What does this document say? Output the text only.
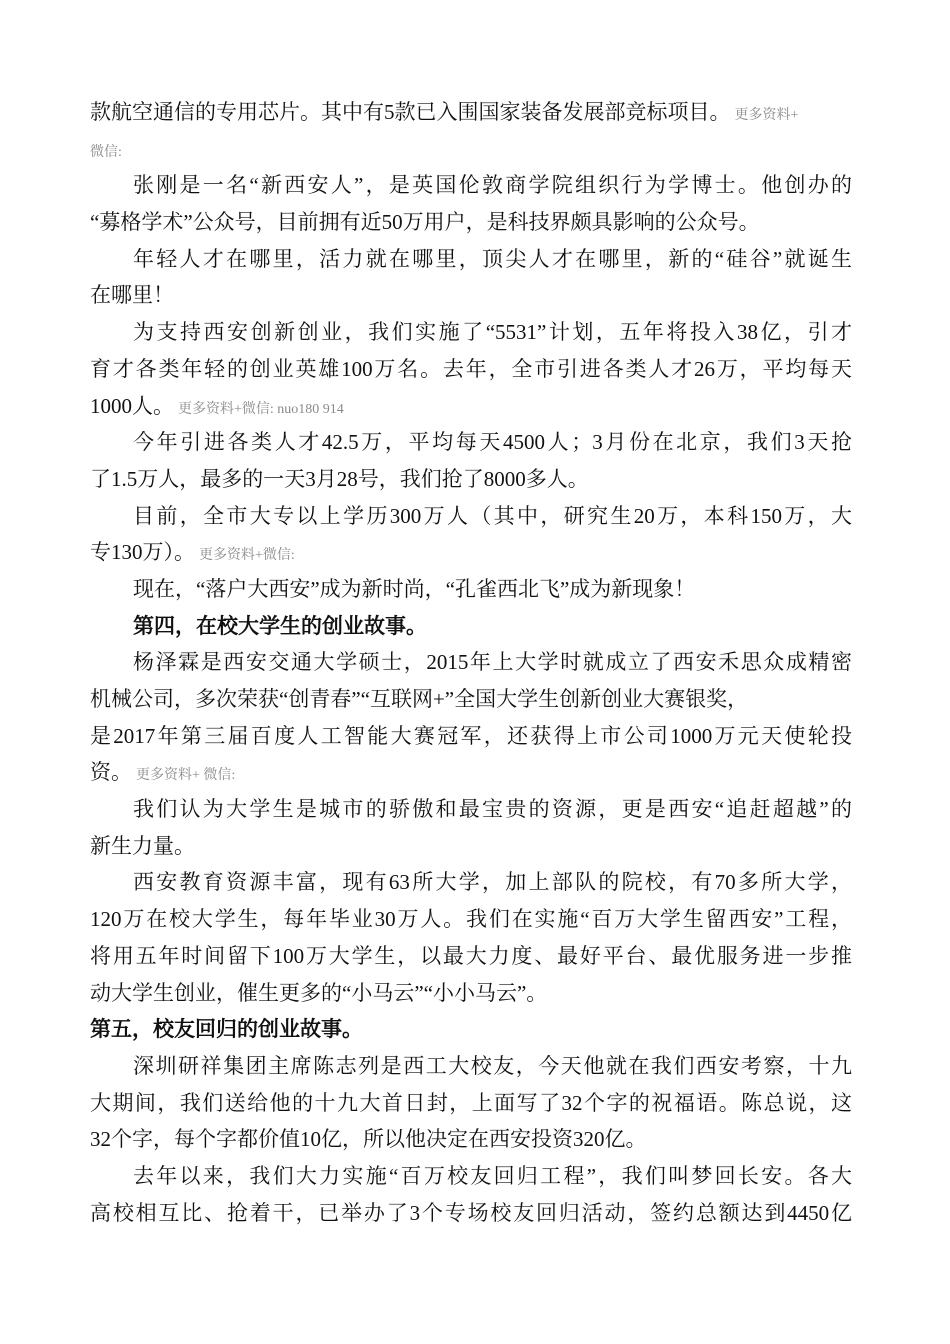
款航空通信的专用芯片。其中有5款已入围国家装备发展部竞标项目。 更多资料+
微信:
张刚是一名“新西安人”，是英国伦敦商学院组织行为学博士。他创办的
“募格学术”公众号，目前拥有近50万用户，是科技界颇具影响的公众号。
年轻人才在哪里，活力就在哪里，顶尖人才在哪里，新的“硅谷”就诞生
在哪里！
为支持西安创新创业，我们实施了“5531”计划，五年将投入38亿，引才
育才各类年轻的创业英雄100万名。去年，全市引进各类人才26万，平均每天
1000人。 更多资料+微信: nuo180 914
今年引进各类人才42.5万，平均每天4500人；3月份在北京，我们3天抢
了1.5万人，最多的一天3月28号，我们抢了8000多人。
目前，全市大专以上学历300万人（其中，研究生20万，本科150万，大
专130万）。 更多资料+微信:
现在，“落户大西安”成为新时尚，“孔雀西北飞”成为新现象！
第四，在校大学生的创业故事。
杨泽霖是西安交通大学硕士，2015年上大学时就成立了西安禾思众成精密
机械公司，多次荣获“创青春”“互联网+”全国大学生创新创业大赛银奖，
是2017年第三届百度人工智能大赛冠军，还获得上市公司1000万元天使轮投
资。 更多资料+ 微信:
我们认为大学生是城市的骄傲和最宝贵的资源，更是西安“追赶超越”的
新生力量。
西安教育资源丰富，现有63所大学，加上部队的院校，有70多所大学，
120万在校大学生，每年毕业30万人。我们在实施“百万大学生留西安”工程，
将用五年时间留下100万大学生，以最大力度、最好平台、最优服务进一步推
动大学生创业，催生更多的“小马云”“小小马云”。
第五，校友回归的创业故事。
深圳研祥集团主席陈志列是西工大校友，今天他就在我们西安考察，十九
大期间，我们送给他的十九大首日封，上面写了32个字的祝福语。陈总说，这
32个字，每个字都价值10亿，所以他决定在西安投资320亿。
去年以来，我们大力实施“百万校友回归工程”，我们叫梦回长安。各大
高校相互比、抢着干，已举办了3个专场校友回归活动，签约总额达到4450亿
